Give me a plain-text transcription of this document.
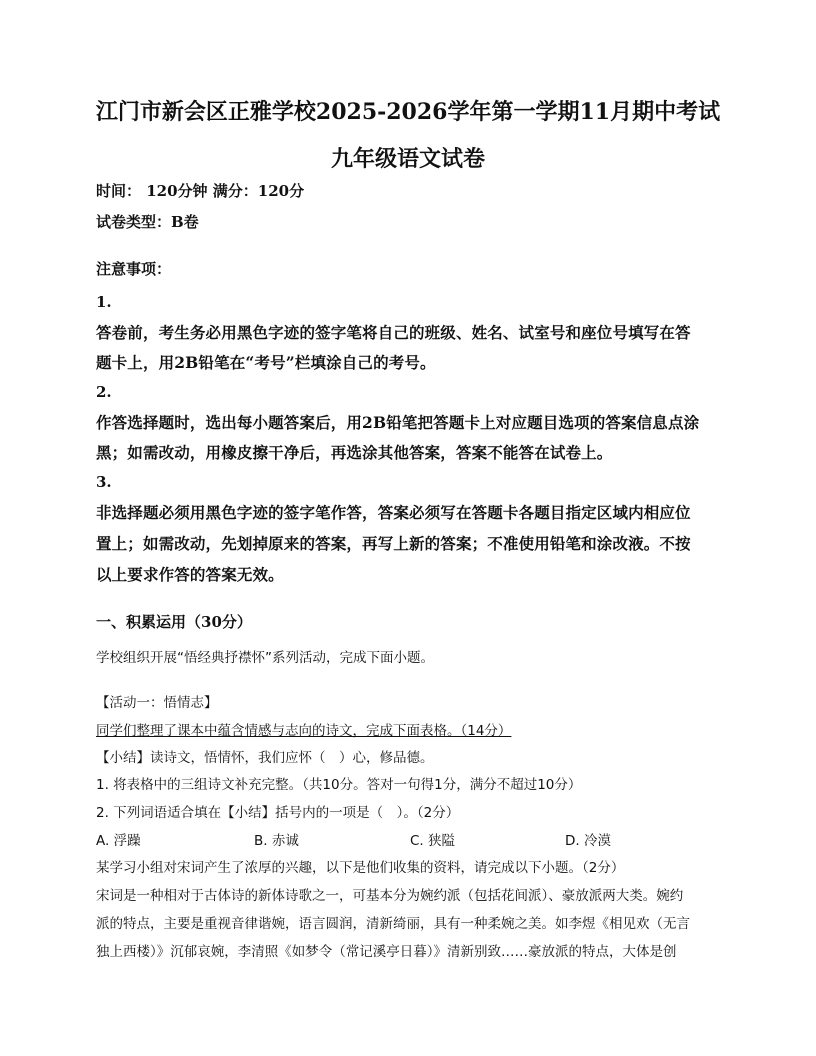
江门市新会区正雅学校2025-2026学年第一学期11月期中考试
九年级语文试卷
时间： 120分钟 满分：120分
试卷类型：B卷
注意事项：
1.
答卷前，考生务必用黑色字迹的签字笔将自己的班级、姓名、试室号和座位号填写在答
题卡上，用2B铅笔在“考号”栏填涂自己的考号。
2.
作答选择题时，选出每小题答案后，用2B铅笔把答题卡上对应题目选项的答案信息点涂
黑；如需改动，用橡皮擦干净后，再选涂其他答案，答案不能答在试卷上。
3.
非选择题必须用黑色字迹的签字笔作答，答案必须写在答题卡各题目指定区域内相应位
置上；如需改动，先划掉原来的答案，再写上新的答案；不准使用铅笔和涂改液。不按
以上要求作答的答案无效。
一、积累运用（30分）
学校组织开展“悟经典抒襟怀”系列活动，完成下面小题。
【活动一：悟情志】
同学们整理了课本中蕴含情感与志向的诗文，完成下面表格。（14分）
【小结】读诗文，悟情怀，我们应怀（　）心，修品德。
1. 将表格中的三组诗文补充完整。（共10分。答对一句得1分，满分不超过10分）
2. 下列词语适合填在【小结】括号内的一项是（　）。（2分）
A. 浮躁	B. 赤诚	C. 狭隘	D. 冷漠
某学习小组对宋词产生了浓厚的兴趣，以下是他们收集的资料，请完成以下小题。（2分）
宋词是一种相对于古体诗的新体诗歌之一，可基本分为婉约派（包括花间派）、豪放派两大类。婉约
派的特点，主要是重视音律谐婉，语言圆润，清新绮丽，具有一种柔婉之美。如李煜《相见欢（无言
独上西楼）》沉郁哀婉，李清照《如梦令（常记溪亭日暮）》清新别致……豪放派的特点，大体是创
